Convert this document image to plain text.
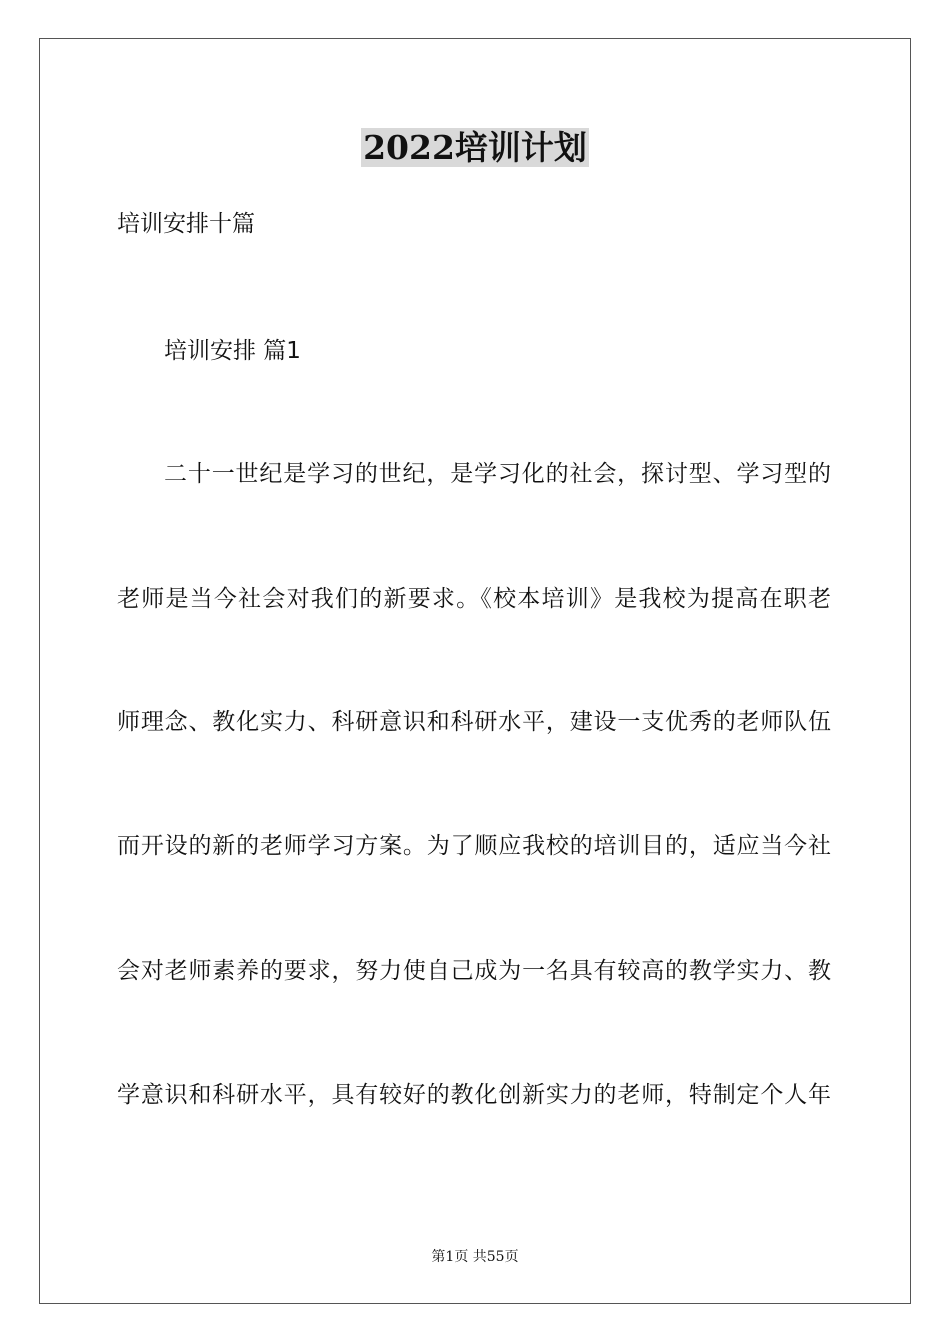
2022培训计划
培训安排十篇
培训安排 篇1
二十一世纪是学习的世纪，是学习化的社会，探讨型、学习型的
老师是当今社会对我们的新要求。《校本培训》是我校为提高在职老
师理念、教化实力、科研意识和科研水平，建设一支优秀的老师队伍
而开设的新的老师学习方案。为了顺应我校的培训目的，适应当今社
会对老师素养的要求，努力使自己成为一名具有较高的教学实力、教
学意识和科研水平，具有较好的教化创新实力的老师，特制定个人年
第1页 共55页
